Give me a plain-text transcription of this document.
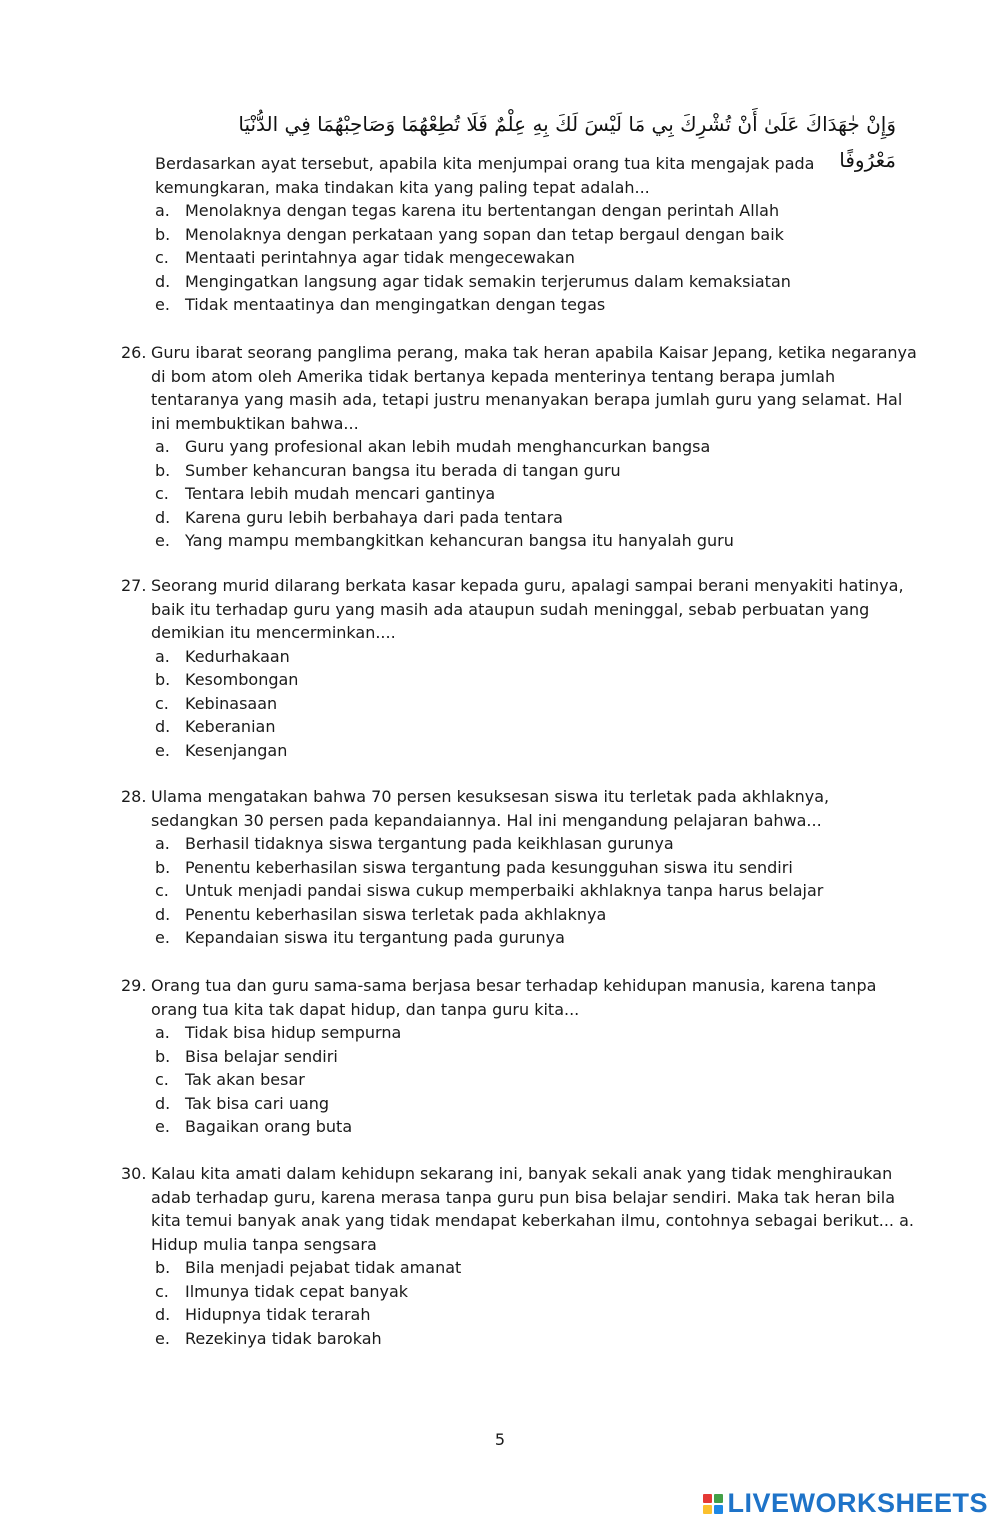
وَإِنْ جٰهَدَاكَ عَلَىٰ أَنْ تُشْرِكَ بِي مَا لَيْسَ لَكَ بِهِ عِلْمٌ فَلَا تُطِعْهُمَا وَصَاحِبْهُمَا فِي الدُّنْيَا مَعْرُوفًا
Berdasarkan ayat tersebut, apabila kita menjumpai orang tua kita mengajak pada kemungkaran, maka tindakan kita yang paling tepat adalah...
a. Menolaknya dengan tegas karena itu bertentangan dengan perintah Allah
b. Menolaknya dengan perkataan yang sopan dan tetap bergaul dengan baik
c.	Mentaati perintahnya agar tidak mengecewakan
d. Mengingatkan langsung agar tidak semakin terjerumus dalam kemaksiatan
e. Tidak mentaatinya dan mengingatkan dengan tegas
26. Guru ibarat seorang panglima perang, maka tak heran apabila Kaisar Jepang, ketika negaranya di bom atom oleh Amerika tidak bertanya kepada menterinya tentang berapa jumlah tentaranya yang masih ada, tetapi justru menanyakan berapa jumlah guru yang selamat. Hal ini membuktikan bahwa...
a. Guru yang profesional akan lebih mudah menghancurkan bangsa
b. Sumber kehancuran bangsa itu berada di tangan guru
c.	Tentara lebih mudah mencari gantinya
d. Karena guru lebih berbahaya dari pada tentara
e. Yang mampu membangkitkan kehancuran bangsa itu hanyalah guru
27. Seorang murid dilarang berkata kasar kepada guru, apalagi sampai berani menyakiti hatinya, baik itu terhadap guru yang masih ada ataupun sudah meninggal, sebab perbuatan yang demikian itu mencerminkan....
a. Kedurhakaan
b. Kesombongan
c.	Kebinasaan
d. Keberanian
e. Kesenjangan
28. Ulama mengatakan bahwa 70 persen kesuksesan siswa itu terletak pada akhlaknya, sedangkan 30 persen pada kepandaiannya. Hal ini mengandung pelajaran bahwa...
a. Berhasil tidaknya siswa tergantung pada keikhlasan gurunya
b. Penentu keberhasilan siswa tergantung pada kesungguhan siswa itu sendiri
c.	Untuk menjadi pandai siswa cukup memperbaiki akhlaknya tanpa harus belajar
d. Penentu keberhasilan siswa terletak pada akhlaknya
e. Kepandaian siswa itu tergantung pada gurunya
29. Orang tua dan guru sama-sama berjasa besar terhadap kehidupan manusia, karena tanpa orang tua kita tak dapat hidup, dan tanpa guru kita...
a. Tidak bisa hidup sempurna
b. Bisa belajar sendiri
c.	Tak akan besar
d. Tak bisa cari uang
e. Bagaikan orang buta
30. Kalau kita amati dalam kehidupn sekarang ini, banyak sekali anak yang tidak menghiraukan adab terhadap guru, karena merasa tanpa guru pun bisa belajar sendiri. Maka tak heran bila kita temui banyak anak yang tidak mendapat keberkahan ilmu, contohnya sebagai berikut... a. Hidup mulia tanpa sengsara
b. Bila menjadi pejabat tidak amanat
c.	Ilmunya tidak cepat banyak
d. Hidupnya tidak terarah
e. Rezekinya tidak barokah
5
LIVEWORKSHEETS
